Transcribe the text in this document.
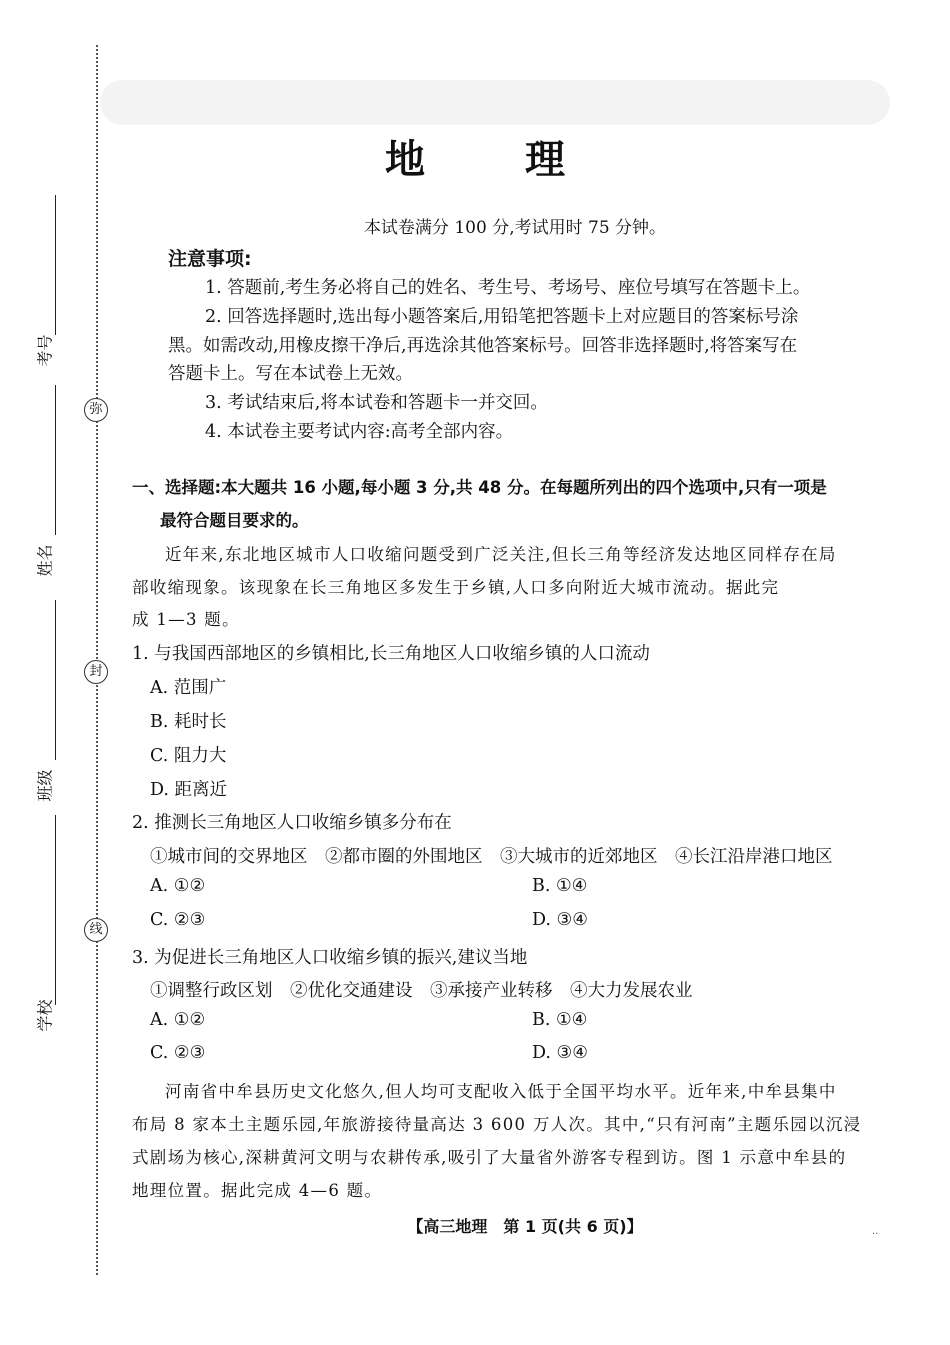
弥
封
线
考号
姓名
班级
学校
地理
本试卷满分 100 分,考试用时 75 分钟。
注意事项:
1. 答题前,考生务必将自己的姓名、考生号、考场号、座位号填写在答题卡上。
2. 回答选择题时,选出每小题答案后,用铅笔把答题卡上对应题目的答案标号涂
黑。如需改动,用橡皮擦干净后,再选涂其他答案标号。回答非选择题时,将答案写在
答题卡上。写在本试卷上无效。
3. 考试结束后,将本试卷和答题卡一并交回。
4. 本试卷主要考试内容:高考全部内容。
一、选择题:本大题共 16 小题,每小题 3 分,共 48 分。在每题所列出的四个选项中,只有一项是
最符合题目要求的。
近年来,东北地区城市人口收缩问题受到广泛关注,但长三角等经济发达地区同样存在局
部收缩现象。该现象在长三角地区多发生于乡镇,人口多向附近大城市流动。据此完
成 1—3 题。
1. 与我国西部地区的乡镇相比,长三角地区人口收缩乡镇的人口流动
A. 范围广
B. 耗时长
C. 阻力大
D. 距离近
2. 推测长三角地区人口收缩乡镇多分布在
①城市间的交界地区　②都市圈的外围地区　③大城市的近郊地区　④长江沿岸港口地区
A. ①②	B. ①④
C. ②③	D. ③④
3. 为促进长三角地区人口收缩乡镇的振兴,建议当地
①调整行政区划　②优化交通建设　③承接产业转移　④大力发展农业
A. ①②	B. ①④
C. ②③	D. ③④
河南省中牟县历史文化悠久,但人均可支配收入低于全国平均水平。近年来,中牟县集中
布局 8 家本土主题乐园,年旅游接待量高达 3 600 万人次。其中,“只有河南”主题乐园以沉浸
式剧场为核心,深耕黄河文明与农耕传承,吸引了大量省外游客专程到访。图 1 示意中牟县的
地理位置。据此完成 4—6 题。
【高三地理　第 1 页(共 6 页)】	..
